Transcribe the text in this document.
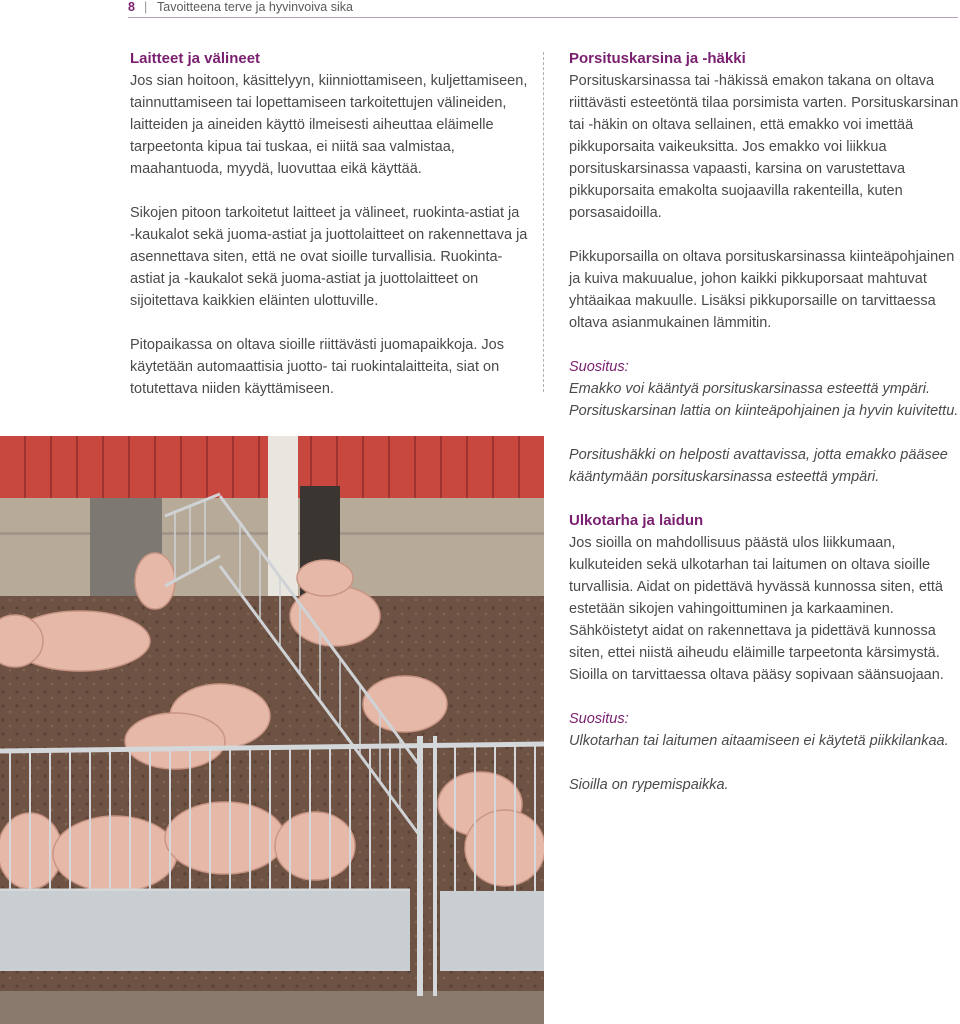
8 | Tavoitteena terve ja hyvinvoiva sika
Laitteet ja välineet

Jos sian hoitoon, käsittelyyn, kiinniottamiseen, kuljettamiseen, tainnuttamiseen tai lopettamiseen tarkoitettujen välineiden, laitteiden ja aineiden käyttö ilmeisesti aiheuttaa eläimelle tarpeetonta kipua tai tuskaa, ei niitä saa valmistaa, maahantuoda, myydä, luovuttaa eikä käyttää.

Sikojen pitoon tarkoitetut laitteet ja välineet, ruokinta-astiat ja -kaukalot sekä juoma-astiat ja juottolaitteet on rakennettava ja asennettava siten, että ne ovat sioille turvallisia. Ruokinta-astiat ja -kaukalot sekä juoma-astiat ja juottolaitteet on sijoitettava kaikkien eläinten ulottuville.

Pitopaikassa on oltava sioille riittävästi juomapaikkoja. Jos käytetään automaattisia juotto- tai ruokintalaitteita, siat on totutettava niiden käyttämiseen.

Porsituskarsina ja -häkki

Porsituskarsinassa tai -häkissä emakon takana on oltava riittävästi esteetöntä tilaa porsimista varten. Porsituskarsinan tai -häkin on oltava sellainen, että emakko voi imettää pikkuporsaita vaikeuksitta. Jos emakko voi liikkua porsituskarsinassa vapaasti, karsina on varustettava pikkuporsaita emakolta suojaavilla rakenteilla, kuten porsasaidoilla.

Pikkuporsailla on oltava porsituskarsinassa kiinteäpohjainen ja kuiva makuualue, johon kaikki pikkuporsaat mahtuvat yhtäaikaa makuulle. Lisäksi pikkuporsaille on tarvittaessa oltava asianmukainen lämmitin.

Suositus:

Emakko voi kääntyä porsituskarsinassa esteettä ympäri. Porsituskarsinan lattia on kiinteäpohjainen ja hyvin kuivitettu.

Porsitushäkki on helposti avattavissa, jotta emakko pääsee kääntymään porsituskarsinassa esteettä ympäri.

Ulkotarha ja laidun

Jos sioilla on mahdollisuus päästä ulos liikkumaan, kulkuteiden sekä ulkotarhan tai laitumen on oltava sioille turvallisia. Aidat on pidettävä hyvässä kunnossa siten, että estetään sikojen vahingoittuminen ja karkaaminen. Sähköistetyt aidat on rakennettava ja pidettävä kunnossa siten, ettei niistä aiheudu eläimille tarpeetonta kärsimystä. Sioilla on tarvittaessa oltava pääsy sopivaan säänsuojaan.

Suositus:

Ulkotarhan tai laitumen aitaamiseen ei käytetä piikkilankaa.

Sioilla on rypemispaikka.
